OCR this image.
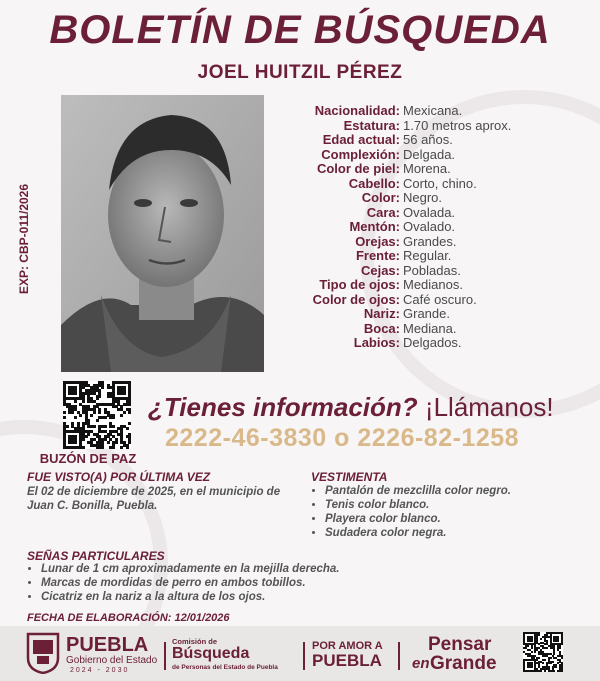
BOLETÍN DE BÚSQUEDA
JOEL HUITZIL PÉREZ
EXP: CBP-011/2026
Nacionalidad: Mexicana.
Estatura: 1.70 metros aprox.
Edad actual: 56 años.
Complexión: Delgada.
Color de piel: Morena.
Cabello: Corto, chino.
Color: Negro.
Cara: Ovalada.
Mentón: Ovalado.
Orejas: Grandes.
Frente: Regular.
Cejas: Pobladas.
Tipo de ojos: Medianos.
Color de ojos: Café oscuro.
Nariz: Grande.
Boca: Mediana.
Labios: Delgados.
BUZÓN DE PAZ
¿Tienes información? ¡Llámanos!
2222-46-3830 o 2226-82-1258
FUE VISTO(A) POR ÚLTIMA VEZ
El 02 de diciembre de 2025, en el municipio de Juan C. Bonilla, Puebla.
VESTIMENTA
• Pantalón de mezclilla color negro.
• Tenis color blanco.
• Playera color blanco.
• Sudadera color negra.
SEÑAS PARTICULARES
• Lunar de 1 cm aproximadamente en la mejilla derecha.
• Marcas de mordidas de perro en ambos tobillos.
• Cicatriz en la nariz a la altura de los ojos.
FECHA DE ELABORACIÓN: 12/01/2026
PUEBLA
Gobierno del Estado
2024 - 2030
Comisión de
Búsqueda
de Personas del Estado de Puebla
POR AMOR A
PUEBLA
Pensar
en Grande
